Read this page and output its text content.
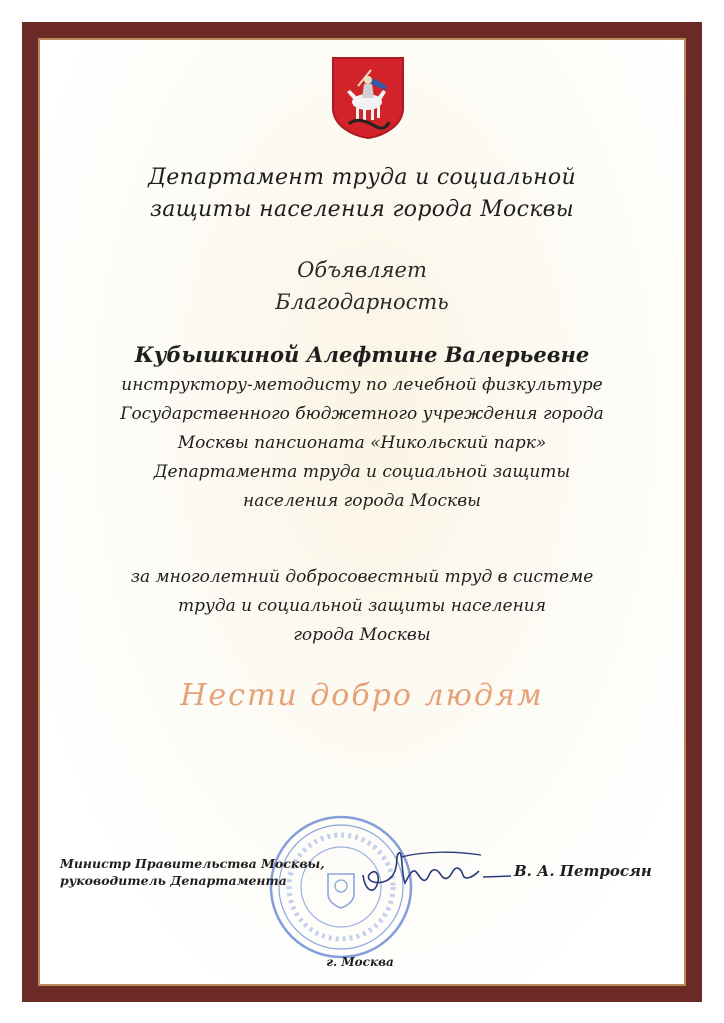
Департамент труда и социальной
защиты населения города Москвы
Объявляет
Благодарность
Кубышкиной Алефтине Валерьевне
инструктору-методисту по лечебной физкультуре
Государственного бюджетного учреждения города
Москвы пансионата «Никольский парк»
Департамента труда и социальной защиты
населения города Москвы
за многолетний добросовестный труд в системе
труда и социальной защиты населения
города Москвы
Нести добро людям
Министр Правительства Москвы,
руководитель Департамента
В. А. Петросян
г. Москва
